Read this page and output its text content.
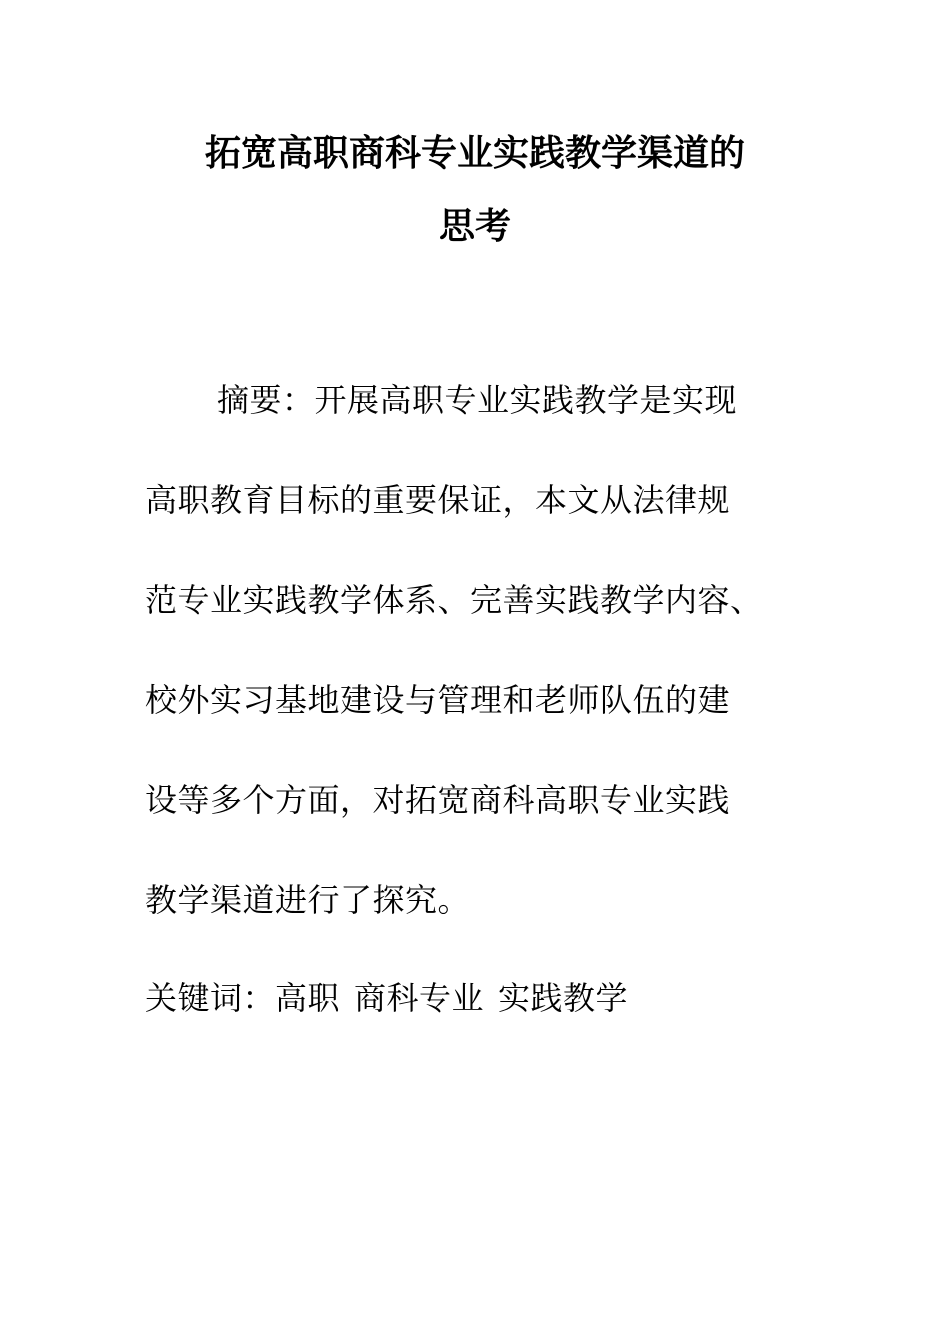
拓宽高职商科专业实践教学渠道的
思考
摘要：开展高职专业实践教学是实现
高职教育目标的重要保证，本文从法律规
范专业实践教学体系、完善实践教学内容、
校外实习基地建设与管理和老师队伍的建
设等多个方面，对拓宽商科高职专业实践
教学渠道进行了探究。
关键词：高职 商科专业 实践教学
